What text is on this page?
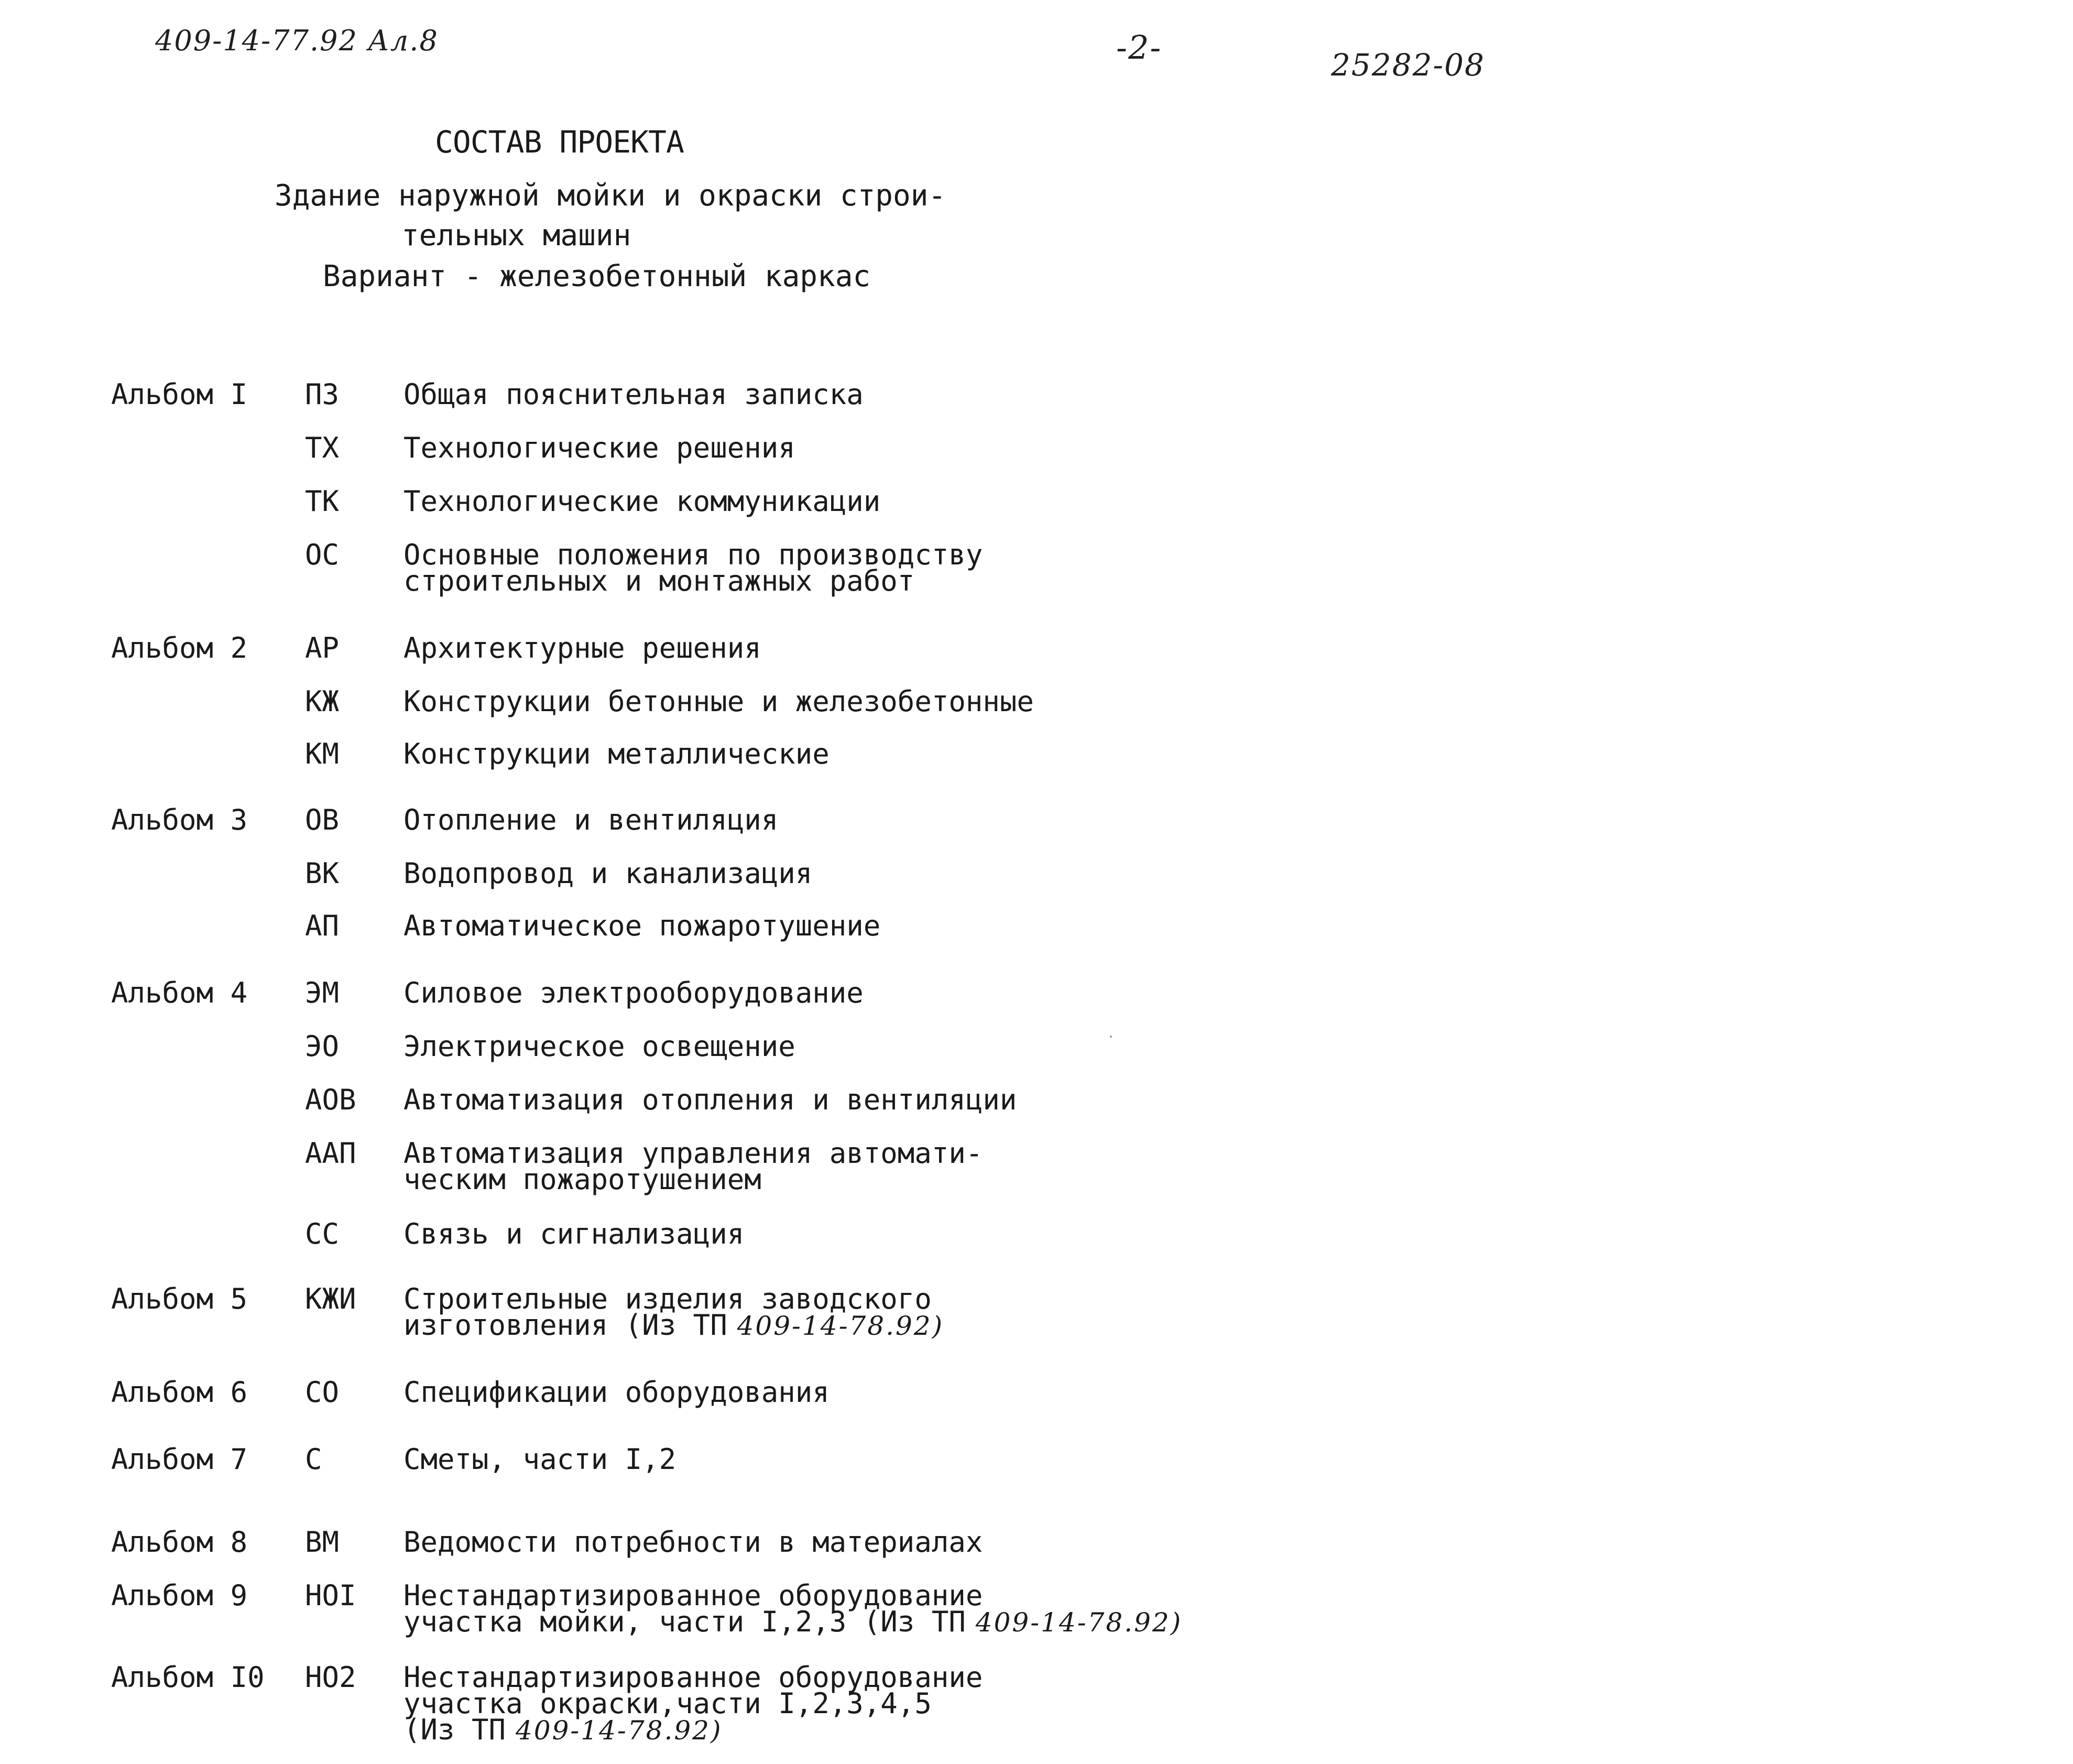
409-14-77.92 Ал.8	-2-	25282-08
СОСТАВ ПРОЕКТА
Здание наружной мойки и окраски строи-
тельных машин
Вариант - железобетонный каркас
Альбом I ПЗ Общая пояснительная записка
ТХ Технологические решения
ТК Технологические коммуникации
ОС Основные положения по производству
строительных и монтажных работ
Альбом 2 АР Архитектурные решения
КЖ Конструкции бетонные и железобетонные
КМ Конструкции металлические
Альбом 3 ОВ Отопление и вентиляция
ВК Водопровод и канализация
АП Автоматическое пожаротушение
Альбом 4 ЭМ Силовое электрооборудование
ЭО Электрическое освещение
АОВ Автоматизация отопления и вентиляции
ААП Автоматизация управления автомати-
ческим пожаротушением
СС Связь и сигнализация
Альбом 5 КЖИ Строительные изделия заводского
изготовления (Из ТП 409-14-78.92)
Альбом 6 СО Спецификации оборудования
Альбом 7 С	Сметы, части I,2
Альбом 8 ВМ Ведомости потребности в материалах
Альбом 9 НОI Нестандартизированное оборудование
участка мойки, части I,2,3 (Из ТП 409-14-78.92)
Альбом I0 НО2 Нестандартизированное оборудование
участка окраски,части I,2,3,4,5
(Из ТП 409-14-78.92)
